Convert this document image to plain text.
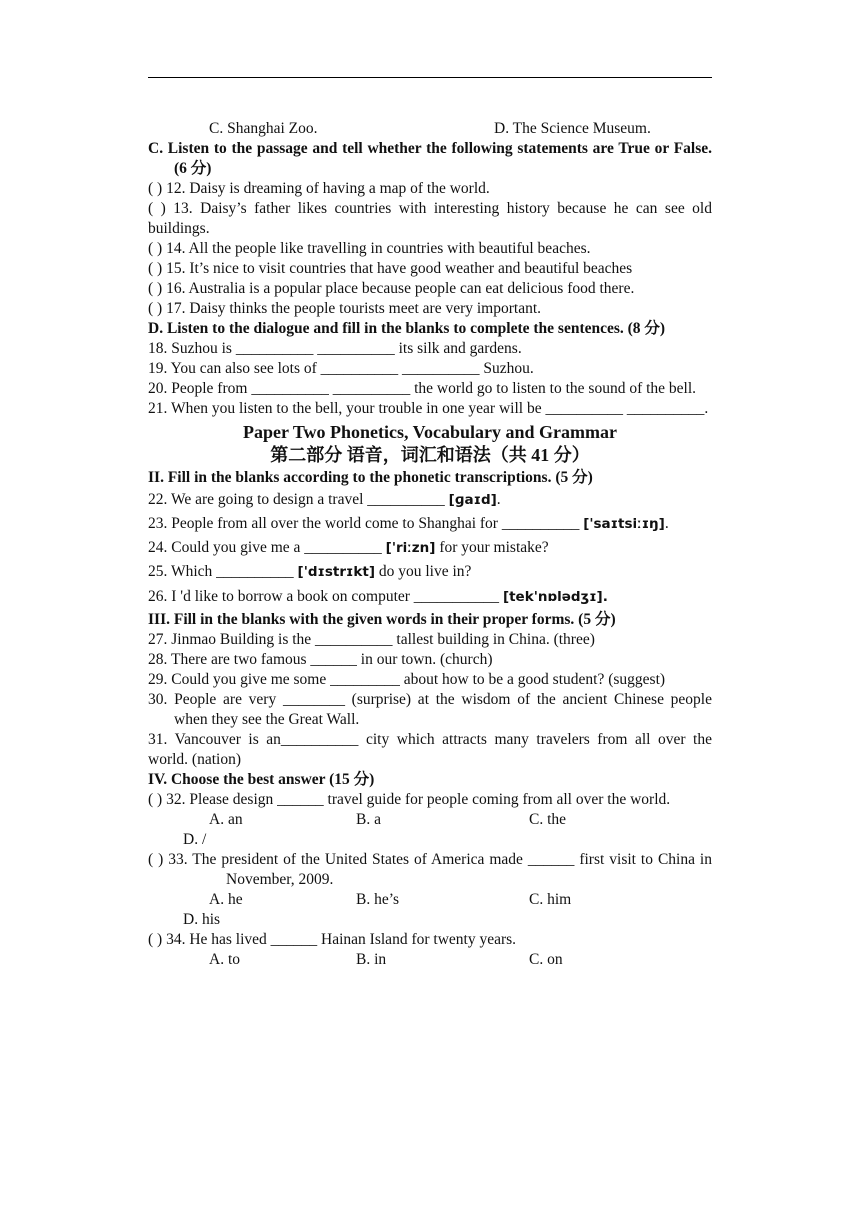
C. Shanghai Zoo.	D. The Science Museum.
C. Listen to the passage and tell whether the following statements are True or False. (6 分)
( ) 12. Daisy is dreaming of having a map of the world.
( ) 13. Daisy’s father likes countries with interesting history because he can see old buildings.
( ) 14. All the people like travelling in countries with beautiful beaches.
( ) 15. It’s nice to visit countries that have good weather and beautiful beaches
( ) 16. Australia is a popular place because people can eat delicious food there.
( ) 17. Daisy thinks the people tourists meet are very important.
D. Listen to the dialogue and fill in the blanks to complete the sentences. (8 分)
18. Suzhou is __________ __________ its silk and gardens.
19. You can also see lots of __________ __________ Suzhou.
20. People from __________ __________ the world go to listen to the sound of the bell.
21. When you listen to the bell, your trouble in one year will be __________ __________.
Paper Two Phonetics, Vocabulary and Grammar
第二部分 语音，词汇和语法（共 41 分）
II. Fill in the blanks according to the phonetic transcriptions. (5 分)
22. We are going to design a travel __________ [ɡaɪd].
23. People from all over the world come to Shanghai for __________ ['saɪtsiːɪŋ].
24. Could you give me a __________ ['riːzn] for your mistake?
25. Which __________ ['dɪstrɪkt] do you live in?
26. I 'd like to borrow a book on computer ___________ [tek'nɒlədʒɪ].
III. Fill in the blanks with the given words in their proper forms. (5 分)
27. Jinmao Building is the __________ tallest building in China. (three)
28. There are two famous ______ in our town. (church)
29. Could you give me some _________ about how to be a good student? (suggest)
30. People are very ________ (surprise) at the wisdom of the ancient Chinese people when they see the Great Wall.
31. Vancouver is an__________ city which attracts many travelers from all over the world. (nation)
IV. Choose the best answer (15 分)
( ) 32. Please design ______ travel guide for people coming from all over the world.
A. an	B. a	C. the
D. /
( ) 33. The president of the United States of America made ______ first visit to China in November, 2009.
A. he	B. he’s	C. him
D. his
( ) 34. He has lived ______ Hainan Island for twenty years.
A. to	B. in	C. on
